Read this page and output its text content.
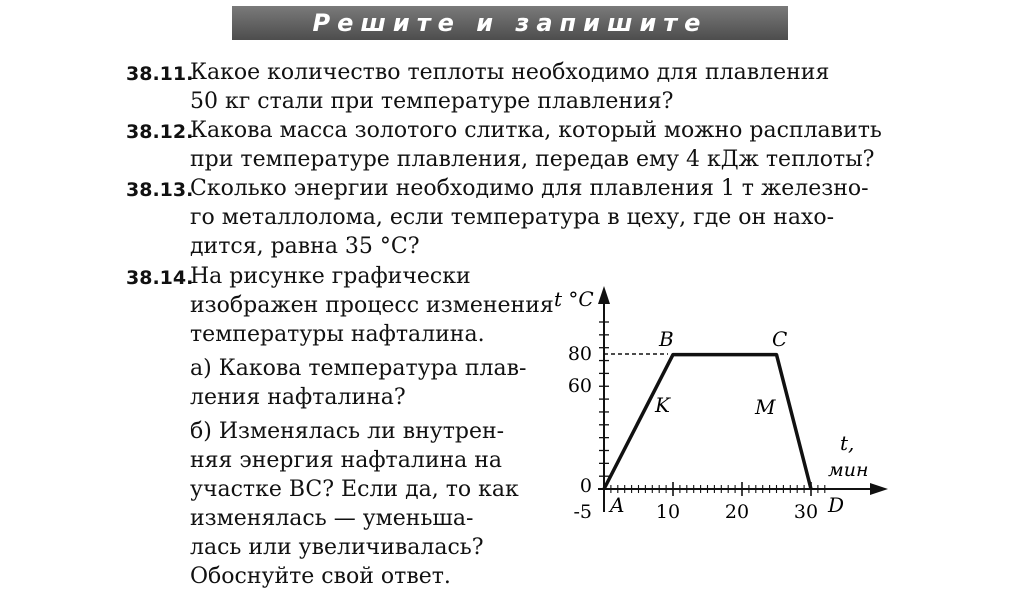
Решите и запишите
38.11.
Какое количество теплоты необходимо для плавления
50 кг стали при температуре плавления?
38.12.
Какова масса золотого слитка, который можно расплавить
при температуре плавления, передав ему 4 кДж теплоты?
38.13.
Сколько энергии необходимо для плавления 1 т железно-
го металлолома, если температура в цеху, где он нахо-
дится, равна 35 °C?
38.14.
На рисунке графически
изображен процесс изменения
температуры нафталина.
а) Какова температура плав-
ления нафталина?
б) Изменялась ли внутрен-
няя энергия нафталина на
участке BC? Если да, то как
изменялась — уменьша-
лась или увеличивалась?
Обоснуйте свой ответ.
t °C
t,
мин
80
60
0
-5	10 20 30
A
B	C
D
K	M
